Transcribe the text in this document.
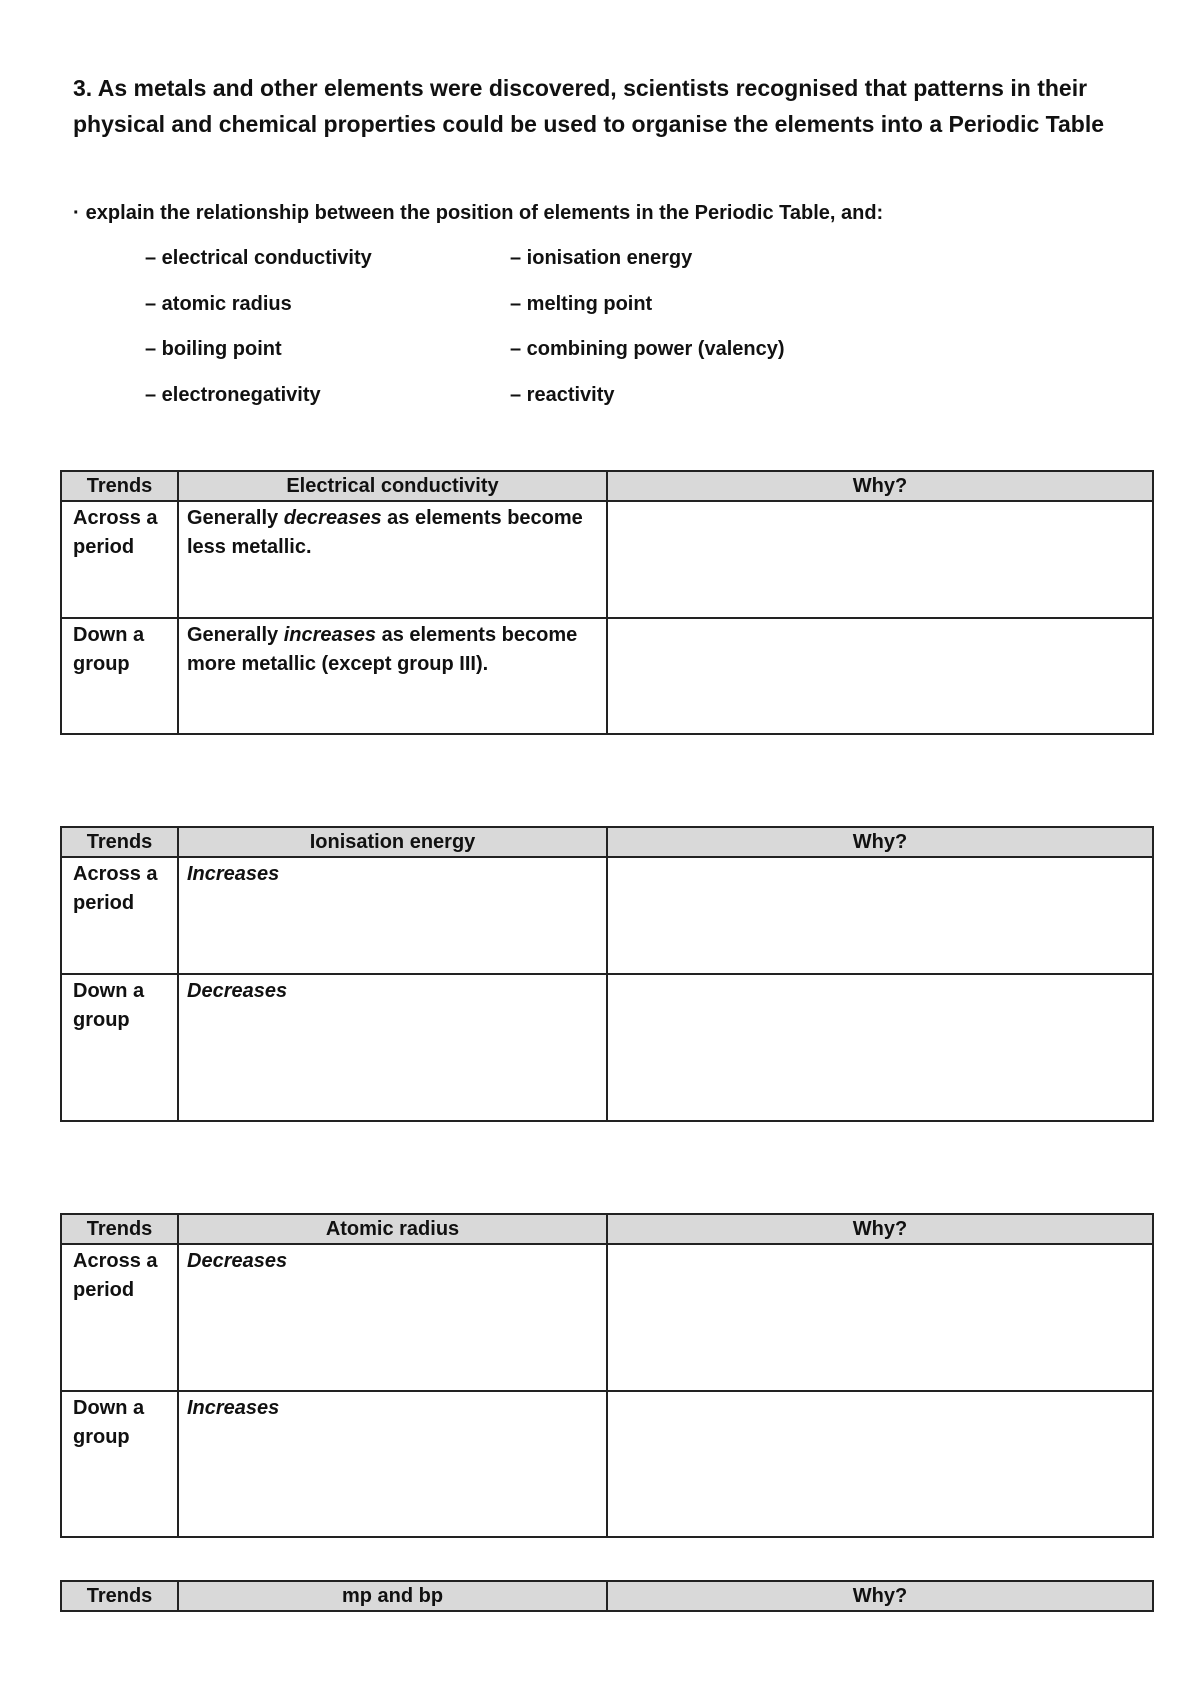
3. As metals and other elements were discovered, scientists recognised that patterns in their physical and chemical properties could be used to organise the elements into a Periodic Table
· explain the relationship between the position of elements in the Periodic Table, and:
– electrical conductivity	– ionisation energy
– atomic radius	– melting point
– boiling point	– combining power (valency)
– electronegativity	– reactivity
Trends	Electrical conductivity	Why?

Across a period	Generally decreases as elements become less metallic.	

Down a group	Generally increases as elements become more metallic (except group III).	

Trends	Ionisation energy	Why?

Across a period	Increases	

Down a group	Decreases	

Trends	Atomic radius	Why?

Across a period	Decreases	

Down a group	Increases	

Trends	mp and bp	Why?
